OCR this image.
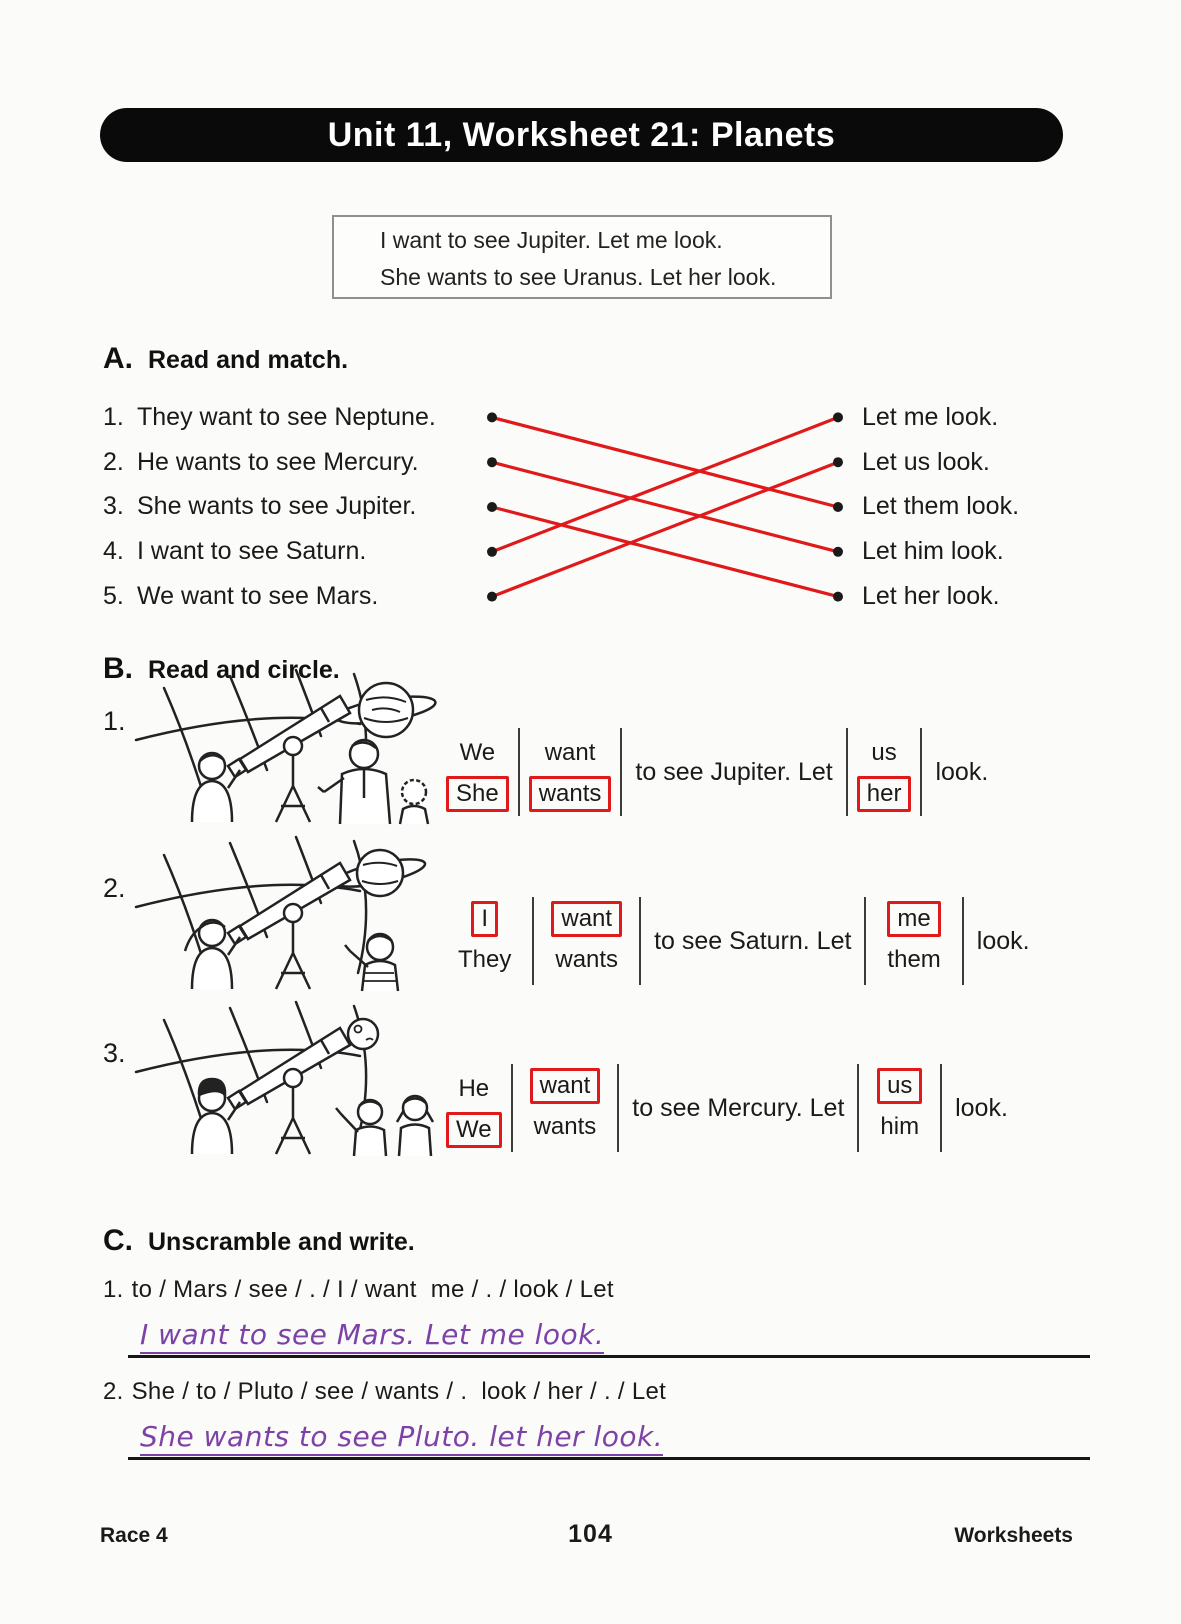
Unit 11, Worksheet 21: Planets
I want to see Jupiter. Let me look.
She wants to see Uranus. Let her look.
A. Read and match.
1. They want to see Neptune.
2. He wants to see Mercury.
3. She wants to see Jupiter.
4. I want to see Saturn.
5. We want to see Mars.
Let me look.
Let us look.
Let them look.
Let him look.
Let her look.
B. Read and circle.
1.
We
She
want
wants
to see Jupiter. Let
us
her
look.
2.
I
They
want
wants
to see Saturn. Let
me
them
look.
3.
He
We
want
wants
to see Mercury. Let
us
him
look.
C. Unscramble and write.
1. to / Mars / see / . / I / want me / . / look / Let
I want to see Mars. Let me look.
2. She / to / Pluto / see / wants / . look / her / . / Let
She wants to see Pluto. let her look.
Race 4	104	Worksheets
